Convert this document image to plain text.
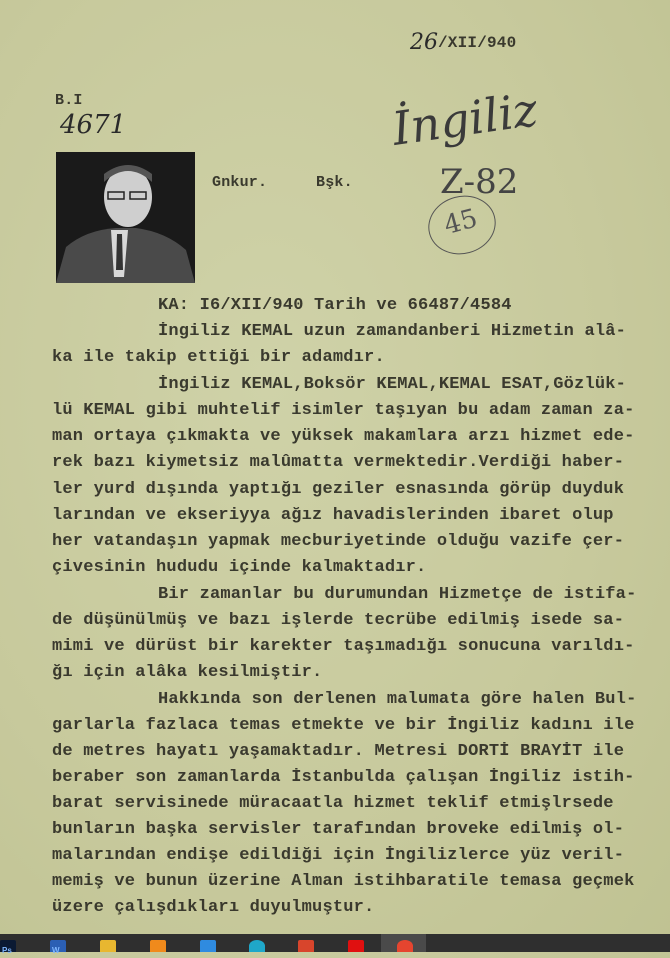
26 /XII/940
B.I
4671
Gnkur.	Bşk.
İngiliz
Z-82
45
KA: I6/XII/940 Tarih ve 66487/4584
İngiliz KEMAL uzun zamandanberi Hizmetin alâ-
ka ile takip ettiği bir adamdır.
İngiliz KEMAL,Boksör KEMAL,KEMAL ESAT,Gözlük-
lü KEMAL gibi muhtelif isimler taşıyan bu adam zaman za-
man ortaya çıkmakta ve yüksek makamlara arzı hizmet ede-
rek bazı kiymetsiz malûmatta vermektedir.Verdiği haber-
ler yurd dışında yaptığı geziler esnasında görüp duyduk
larından ve ekseriyya ağız havadislerinden ibaret olup
her vatandaşın yapmak mecburiyetinde olduğu vazife çer-
çivesinin hududu içinde kalmaktadır.
Bir zamanlar bu durumundan Hizmetçe de istifa-
de düşünülmüş ve bazı işlerde tecrübe edilmiş isede sa-
mimi ve dürüst bir karekter taşımadığı sonucuna varıldı-
ğı için alâka kesilmiştir.
Hakkında son derlenen malumata göre halen Bul-
garlarla fazlaca temas etmekte ve bir İngiliz kadını ile
de metres hayatı yaşamaktadır. Metresi DORTİ BRAYİT ile
beraber son zamanlarda İstanbulda çalışan İngiliz istih-
barat servisinede müracaatla hizmet teklif etmişlrsede
bunların başka servisler tarafından broveke edilmiş ol-
malarından endişe edildiği için İngilizlerce yüz veril-
memiş ve bunun üzerine Alman istihbaratile temasa geçmek
üzere çalışdıkları duyulmuştur.
Ps	W
